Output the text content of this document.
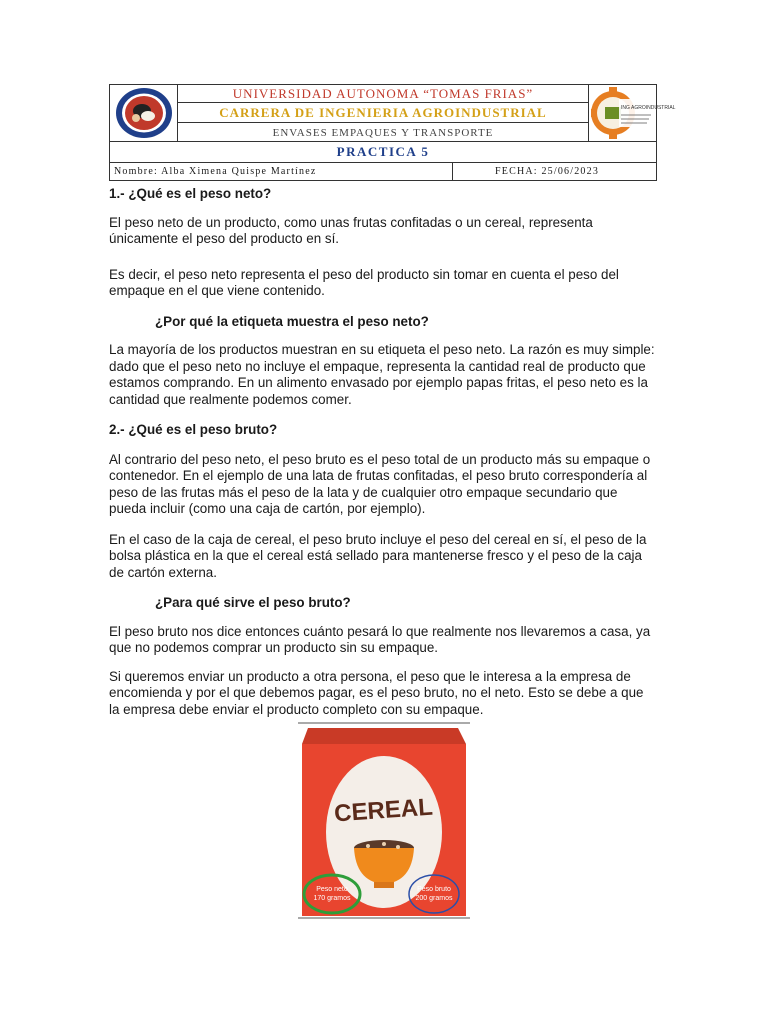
UNIVERSIDAD AUTONOMA “TOMAS FRIAS”
CARRERA DE INGENIERIA AGROINDUSTRIAL
ENVASES EMPAQUES Y TRANSPORTE
ING AGROINDUSTRIAL
PRACTICA 5
Nombre: Alba Ximena Quispe Martínez	FECHA: 25/06/2023

1.- ¿Qué es el peso neto?

El peso neto de un producto, como unas frutas confitadas o un cereal, representa únicamente el peso del producto en sí.

Es decir, el peso neto representa el peso del producto sin tomar en cuenta el peso del empaque en el que viene contenido.

¿Por qué la etiqueta muestra el peso neto?

La mayoría de los productos muestran en su etiqueta el peso neto. La razón es muy simple: dado que el peso neto no incluye el empaque, representa la cantidad real de producto que estamos comprando. En un alimento envasado por ejemplo papas fritas, el peso neto es la cantidad que realmente podemos comer.

2.- ¿Qué es el peso bruto?

Al contrario del peso neto, el peso bruto es el peso total de un producto más su empaque o contenedor. En el ejemplo de una lata de frutas confitadas, el peso bruto correspondería al peso de las frutas más el peso de la lata y de cualquier otro empaque secundario que pueda incluir (como una caja de cartón, por ejemplo).

En el caso de la caja de cereal, el peso bruto incluye el peso del cereal en sí, el peso de la bolsa plástica en la que el cereal está sellado para mantenerse fresco y el peso de la caja de cartón externa.

¿Para qué sirve el peso bruto?

El peso bruto nos dice entonces cuánto pesará lo que realmente nos llevaremos a casa, ya que no podemos comprar un producto sin su empaque.

Si queremos enviar un producto a otra persona, el peso que le interesa a la empresa de encomienda y por el que debemos pagar, es el peso bruto, no el neto. Esto se debe a que la empresa debe enviar el producto completo con su empaque.

CEREAL
Peso neto
170 gramos
Peso bruto
200 gramos
